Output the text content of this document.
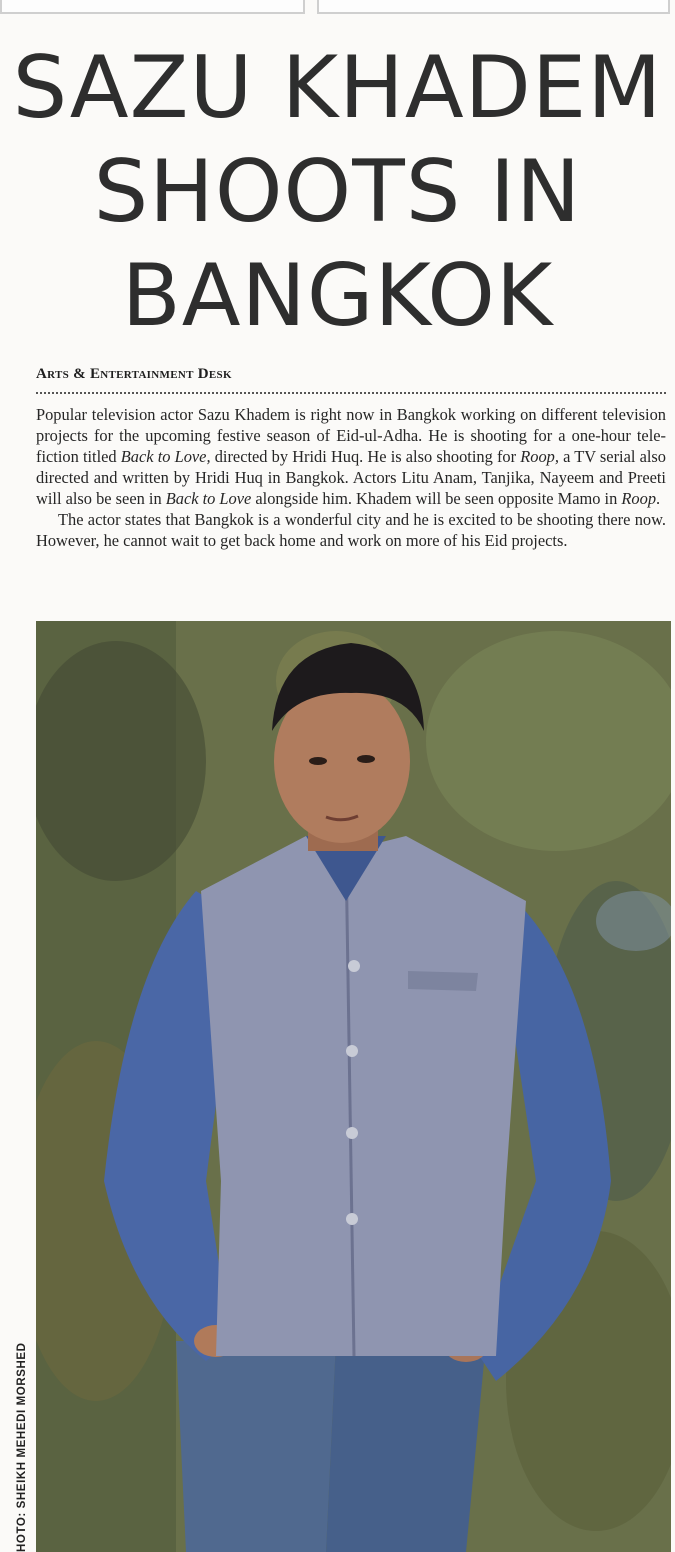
SAZU KHADEM
SHOOTS IN
BANGKOK
Arts & Entertainment Desk

Popular television actor Sazu Khadem is right now in Bangkok working on different television projects for the upcoming festive season of Eid-ul-Adha. He is shooting for a one-hour tele-fiction titled Back to Love, directed by Hridi Huq. He is also shooting for Roop, a TV serial also directed and written by Hridi Huq in Bangkok. Actors Litu Anam, Tanjika, Nayeem and Preeti will also be seen in Back to Love alongside him. Khadem will be seen opposite Mamo in Roop.

The actor states that Bangkok is a wonderful city and he is excited to be shooting there now. However, he cannot wait to get back home and work on more of his Eid projects.

HOTO: SHEIKH MEHEDI MORSHED
